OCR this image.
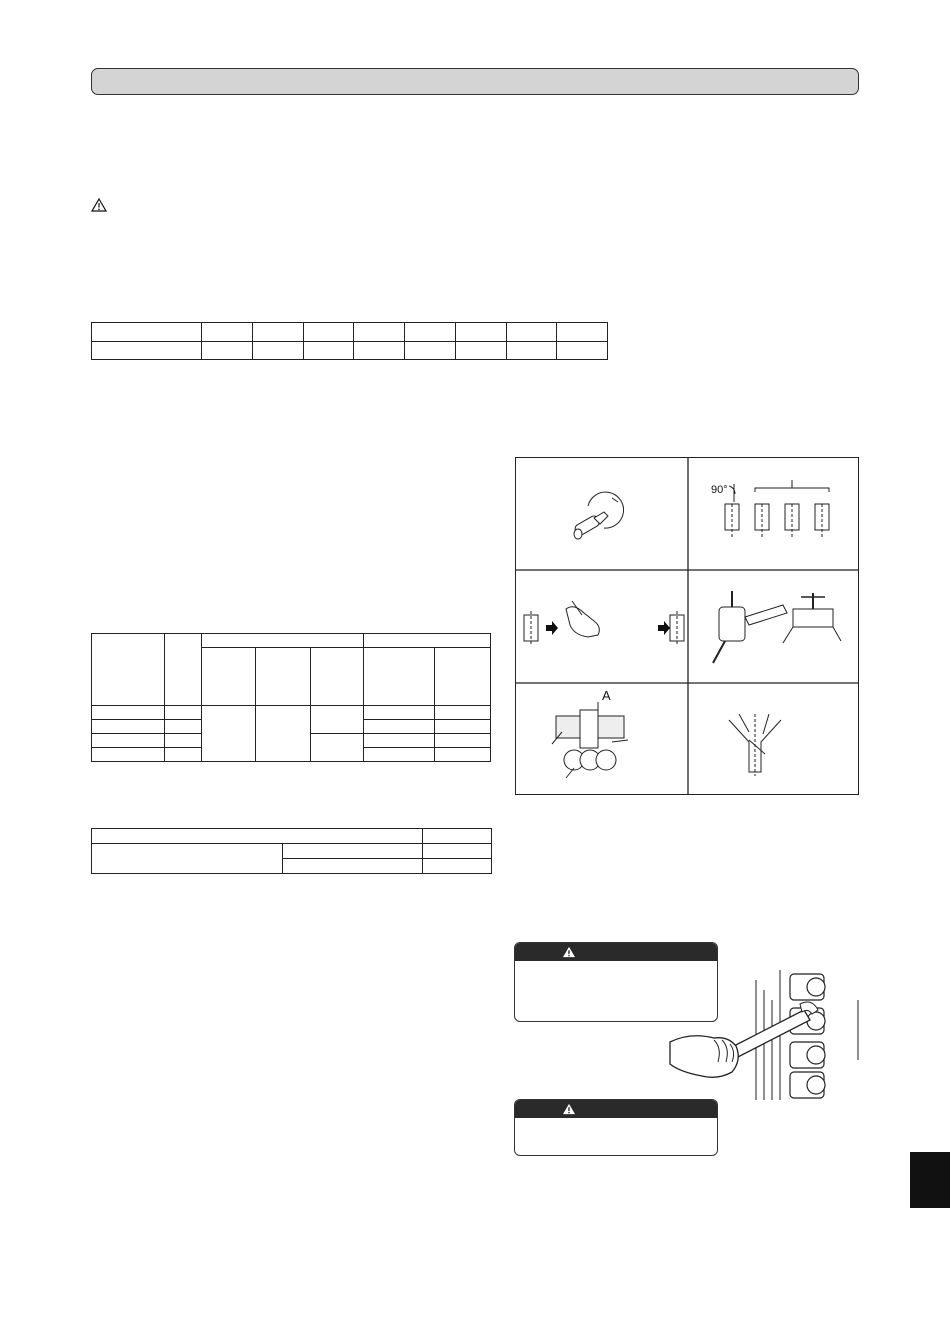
90°
A
